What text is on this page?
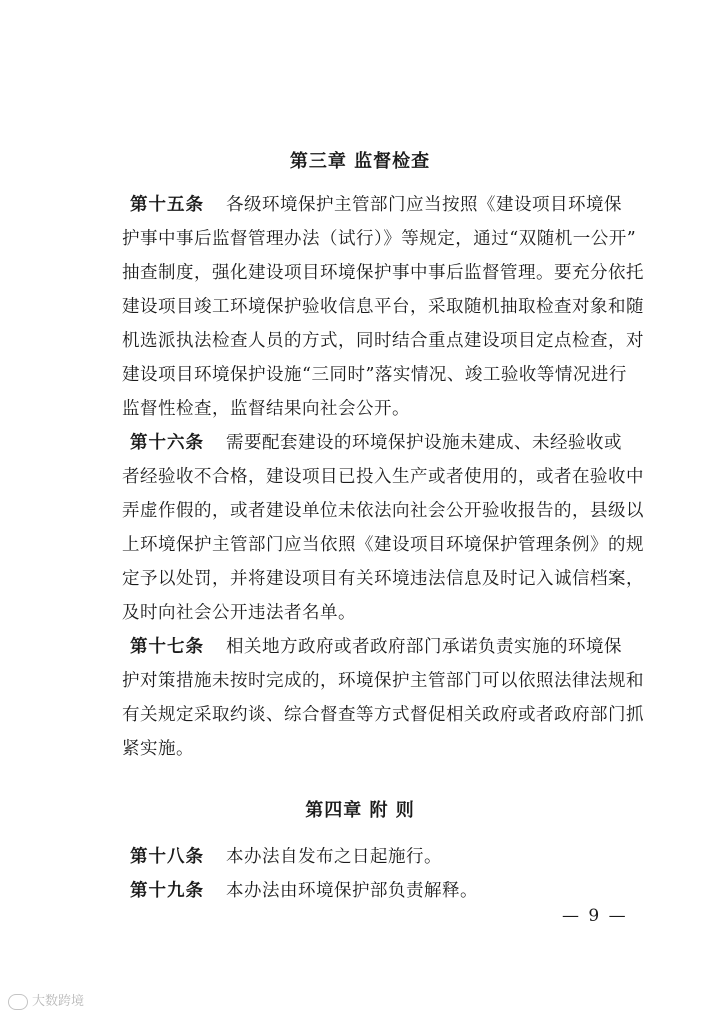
第三章 监督检查
第十五条 各级环境保护主管部门应当按照《建设项目环境保
护事中事后监督管理办法（试行）》等规定，通过“双随机一公开”
抽查制度，强化建设项目环境保护事中事后监督管理。要充分依托
建设项目竣工环境保护验收信息平台，采取随机抽取检查对象和随
机选派执法检查人员的方式，同时结合重点建设项目定点检查，对
建设项目环境保护设施“三同时”落实情况、竣工验收等情况进行
监督性检查，监督结果向社会公开。
第十六条 需要配套建设的环境保护设施未建成、未经验收或
者经验收不合格，建设项目已投入生产或者使用的，或者在验收中
弄虚作假的，或者建设单位未依法向社会公开验收报告的，县级以
上环境保护主管部门应当依照《建设项目环境保护管理条例》的规
定予以处罚，并将建设项目有关环境违法信息及时记入诚信档案，
及时向社会公开违法者名单。
第十七条 相关地方政府或者政府部门承诺负责实施的环境保
护对策措施未按时完成的，环境保护主管部门可以依照法律法规和
有关规定采取约谈、综合督查等方式督促相关政府或者政府部门抓
紧实施。
第四章 附 则
第十八条 本办法自发布之日起施行。
第十九条 本办法由环境保护部负责解释。
— 9 —
大数跨境
